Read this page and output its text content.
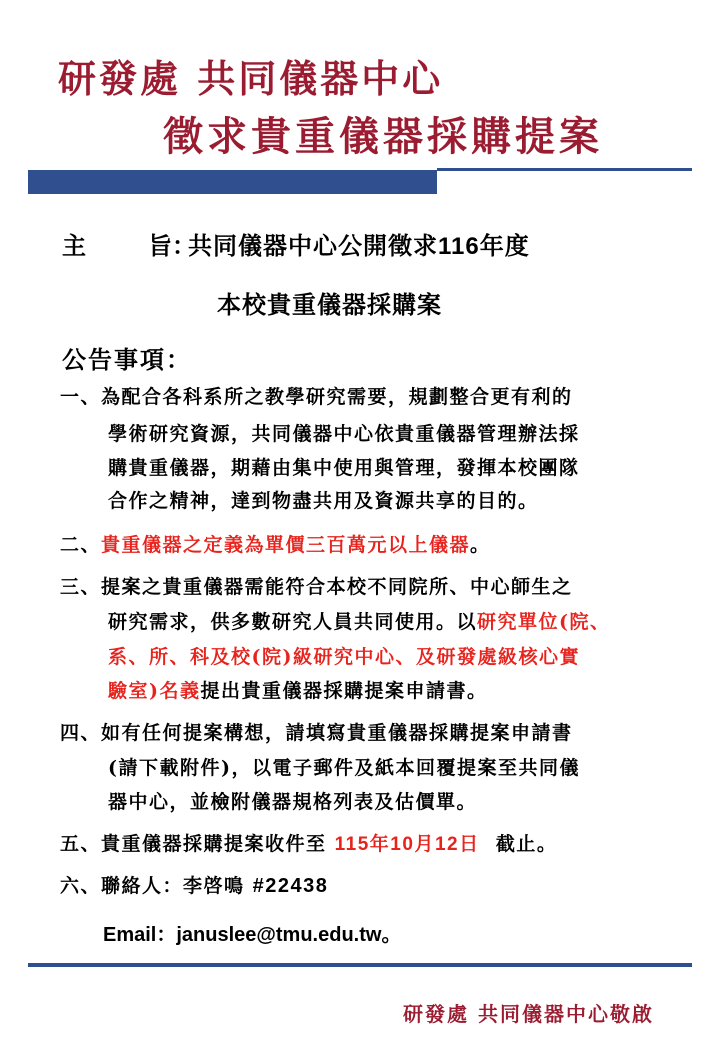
研發處 共同儀器中心
徵求貴重儀器採購提案
主	旨：
共同儀器中心公開徵求116年度
本校貴重儀器採購案
公告事項：
一、為配合各科系所之教學研究需要，規劃整合更有利的
學術研究資源，共同儀器中心依貴重儀器管理辦法採
購貴重儀器，期藉由集中使用與管理，發揮本校團隊
合作之精神，達到物盡共用及資源共享的目的。
二、貴重儀器之定義為單價三百萬元以上儀器。
三、提案之貴重儀器需能符合本校不同院所、中心師生之
研究需求，供多數研究人員共同使用。以研究單位(院、
系、所、科及校(院)級研究中心、及研發處級核心實
驗室)名義提出貴重儀器採購提案申請書。
四、如有任何提案構想，請填寫貴重儀器採購提案申請書
(請下載附件)，以電子郵件及紙本回覆提案至共同儀
器中心，並檢附儀器規格列表及估價單。
五、貴重儀器採購提案收件至 115年10月12日  截止。
六、聯絡人：李啓鳴 #22438
Email：januslee@tmu.edu.tw。
研發處 共同儀器中心敬啟
